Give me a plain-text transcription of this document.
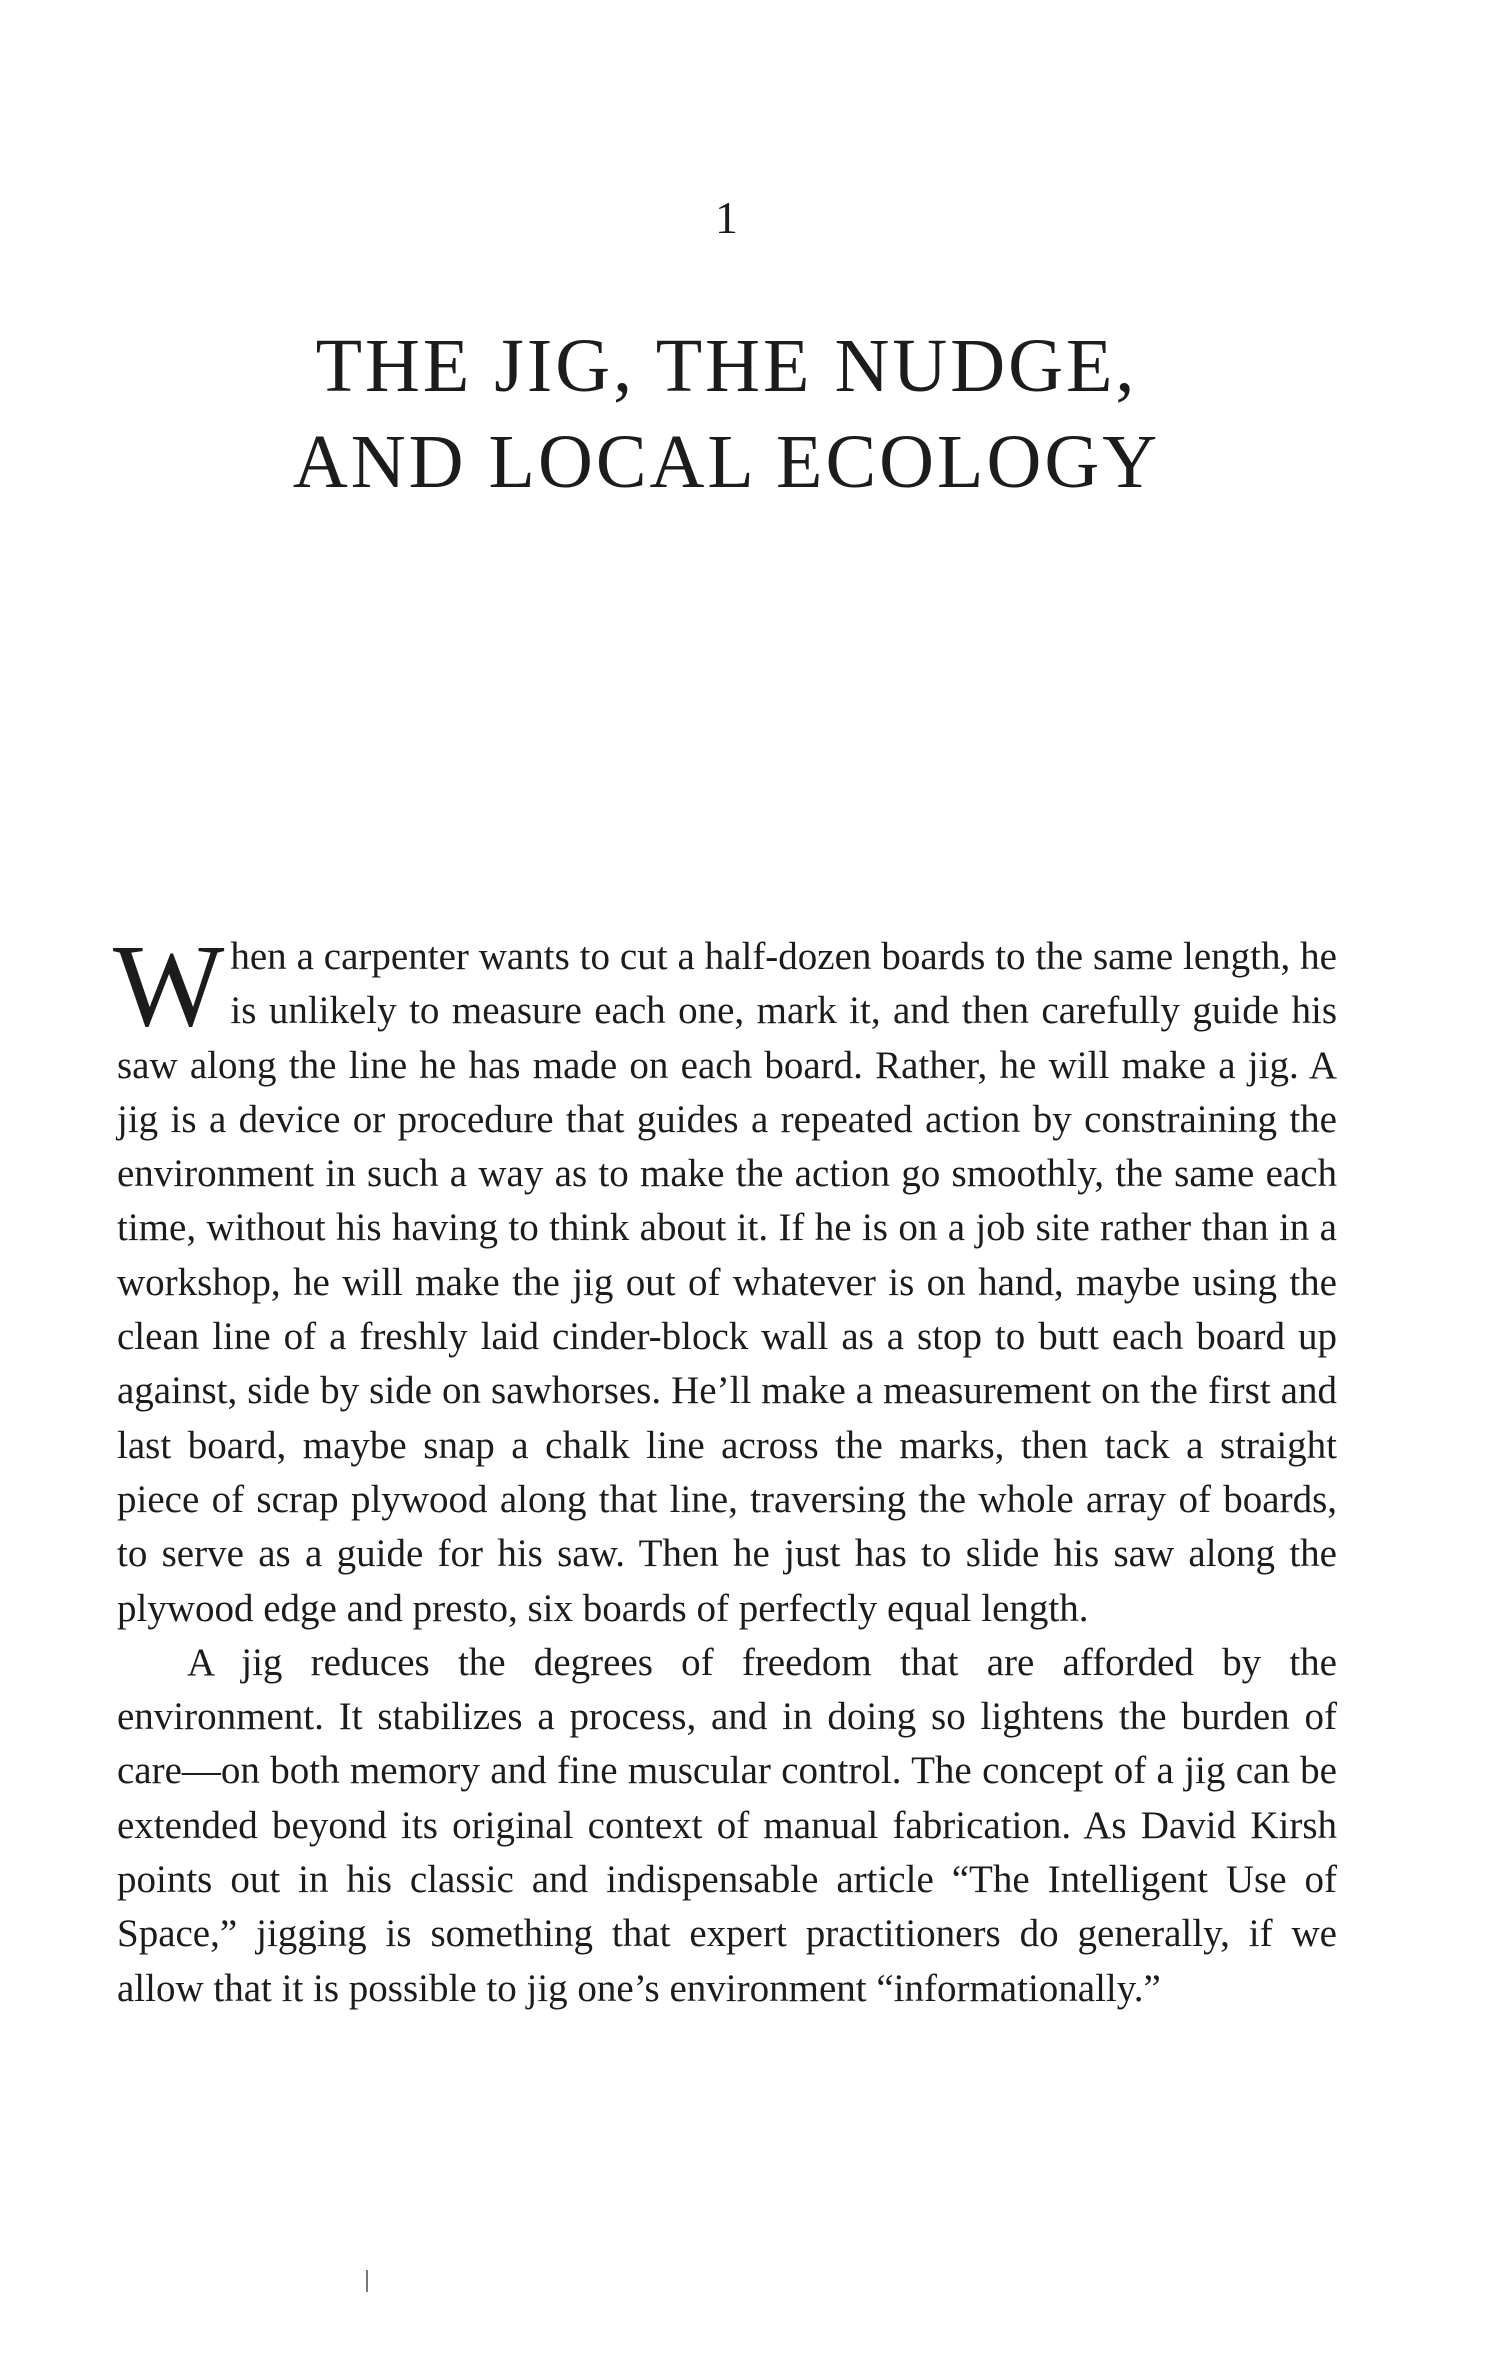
1
THE JIG, THE NUDGE,
AND LOCAL ECOLOGY

When a carpenter wants to cut a half-dozen boards to the same length, he is unlikely to measure each one, mark it, and then carefully guide his saw along the line he has made on each board. Rather, he will make a jig. A jig is a device or procedure that guides a repeated action by constraining the environment in such a way as to make the action go smoothly, the same each time, without his having to think about it. If he is on a job site rather than in a workshop, he will make the jig out of whatever is on hand, maybe using the clean line of a freshly laid cinder-block wall as a stop to butt each board up against, side by side on sawhorses. He’ll make a measurement on the first and last board, maybe snap a chalk line across the marks, then tack a straight piece of scrap plywood along that line, traversing the whole array of boards, to serve as a guide for his saw. Then he just has to slide his saw along the plywood edge and presto, six boards of perfectly equal length.

A jig reduces the degrees of freedom that are afforded by the environment. It stabilizes a process, and in doing so lightens the burden of care—on both memory and fine muscular control. The concept of a jig can be extended beyond its original context of manual fabrication. As David Kirsh points out in his classic and indispensable article “The Intelligent Use of Space,” jigging is something that expert practitioners do generally, if we allow that it is possible to jig one’s environment “informationally.”
